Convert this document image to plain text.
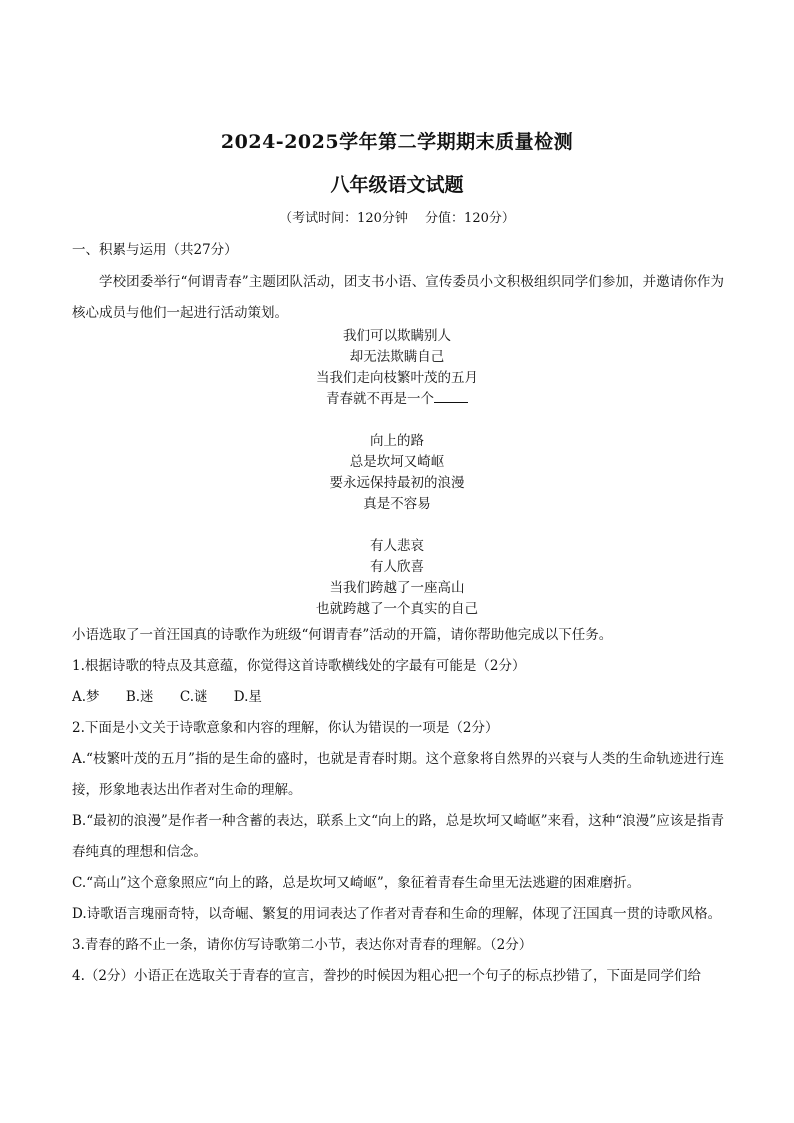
2024-2025学年第二学期期末质量检测
八年级语文试题
（考试时间：120分钟　 分值：120分）
一、积累与运用（共27分）
学校团委举行“何谓青春”主题团队活动，团支书小语、宣传委员小文积极组织同学们参加，并邀请你作为核心成员与他们一起进行活动策划。
我们可以欺瞒别人
却无法欺瞒自己
当我们走向枝繁叶茂的五月
青春就不再是一个
向上的路
总是坎坷又崎岖
要永远保持最初的浪漫
真是不容易
有人悲哀
有人欣喜
当我们跨越了一座高山
也就跨越了一个真实的自己

小语选取了一首汪国真的诗歌作为班级“何谓青春”活动的开篇，请你帮助他完成以下任务。

1.根据诗歌的特点及其意蕴，你觉得这首诗歌横线处的字最有可能是（2分）

A.梦 B.迷 C.谜 D.星

2.下面是小文关于诗歌意象和内容的理解，你认为错误的一项是（2分）

A.“枝繁叶茂的五月”指的是生命的盛时，也就是青春时期。这个意象将自然界的兴衰与人类的生命轨迹进行连接，形象地表达出作者对生命的理解。

B.“最初的浪漫”是作者一种含蓄的表达，联系上文“向上的路，总是坎坷又崎岖”来看，这种“浪漫”应该是指青春纯真的理想和信念。

C.“高山”这个意象照应“向上的路，总是坎坷又崎岖”，象征着青春生命里无法逃避的困难磨折。

D.诗歌语言瑰丽奇特，以奇崛、繁复的用词表达了作者对青春和生命的理解，体现了汪国真一贯的诗歌风格。

3.青春的路不止一条，请你仿写诗歌第二小节，表达你对青春的理解。（2分）

4.（2分）小语正在选取关于青春的宣言，誊抄的时候因为粗心把一个句子的标点抄错了，下面是同学们给
